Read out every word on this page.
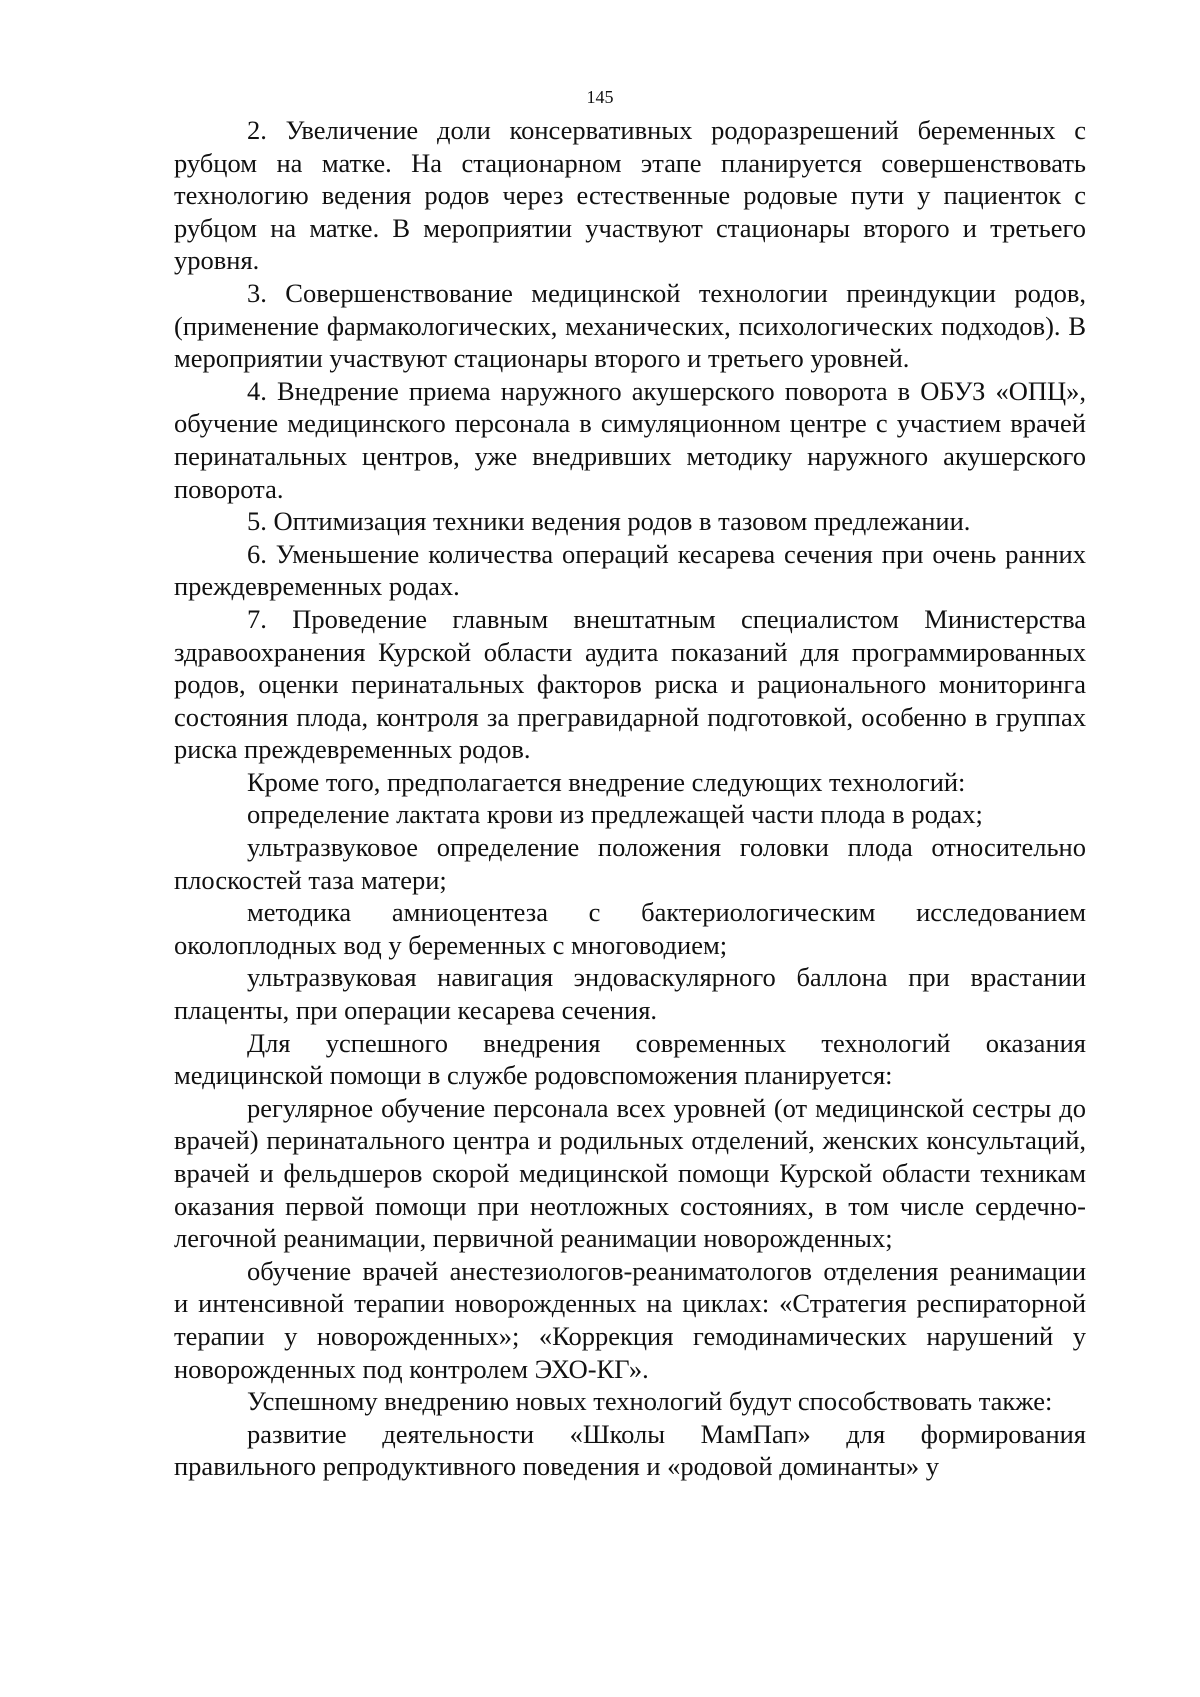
145

2. Увеличение доли консервативных родоразрешений беременных с рубцом на матке. На стационарном этапе планируется совершенствовать технологию ведения родов через естественные родовые пути у пациенток с рубцом на матке. В мероприятии участвуют стационары второго и третьего уровня.

3. Совершенствование медицинской технологии преиндукции родов, (применение фармакологических, механических, психологических подходов). В мероприятии участвуют стационары второго и третьего уровней.

4. Внедрение приема наружного акушерского поворота в ОБУЗ «ОПЦ», обучение медицинского персонала в симуляционном центре с участием врачей перинатальных центров, уже внедривших методику наружного акушерского поворота.

5. Оптимизация техники ведения родов в тазовом предлежании.

6. Уменьшение количества операций кесарева сечения при очень ранних преждевременных родах.

7. Проведение главным внештатным специалистом Министерства здравоохранения Курской области аудита показаний для программированных родов, оценки перинатальных факторов риска и рационального мониторинга состояния плода, контроля за прегравидарной подготовкой, особенно в группах риска преждевременных родов.

Кроме того, предполагается внедрение следующих технологий:

определение лактата крови из предлежащей части плода в родах;

ультразвуковое определение положения головки плода относительно плоскостей таза матери;

методика амниоцентеза с бактериологическим исследованием околоплодных вод у беременных с многоводием;

ультразвуковая навигация эндоваскулярного баллона при врастании плаценты, при операции кесарева сечения.

Для успешного внедрения современных технологий оказания медицинской помощи в службе родовспоможения планируется:

регулярное обучение персонала всех уровней (от медицинской сестры до врачей) перинатального центра и родильных отделений, женских консультаций, врачей и фельдшеров скорой медицинской помощи Курской области техникам оказания первой помощи при неотложных состояниях, в том числе сердечно-легочной реанимации, первичной реанимации новорожденных;

обучение врачей анестезиологов-реаниматологов отделения реанимации и интенсивной терапии новорожденных на циклах: «Стратегия респираторной терапии у новорожденных»; «Коррекция гемодинамических нарушений у новорожденных под контролем ЭХО-КГ».

Успешному внедрению новых технологий будут способствовать также:

развитие деятельности «Школы МамПап» для формирования правильного репродуктивного поведения и «родовой доминанты» у
